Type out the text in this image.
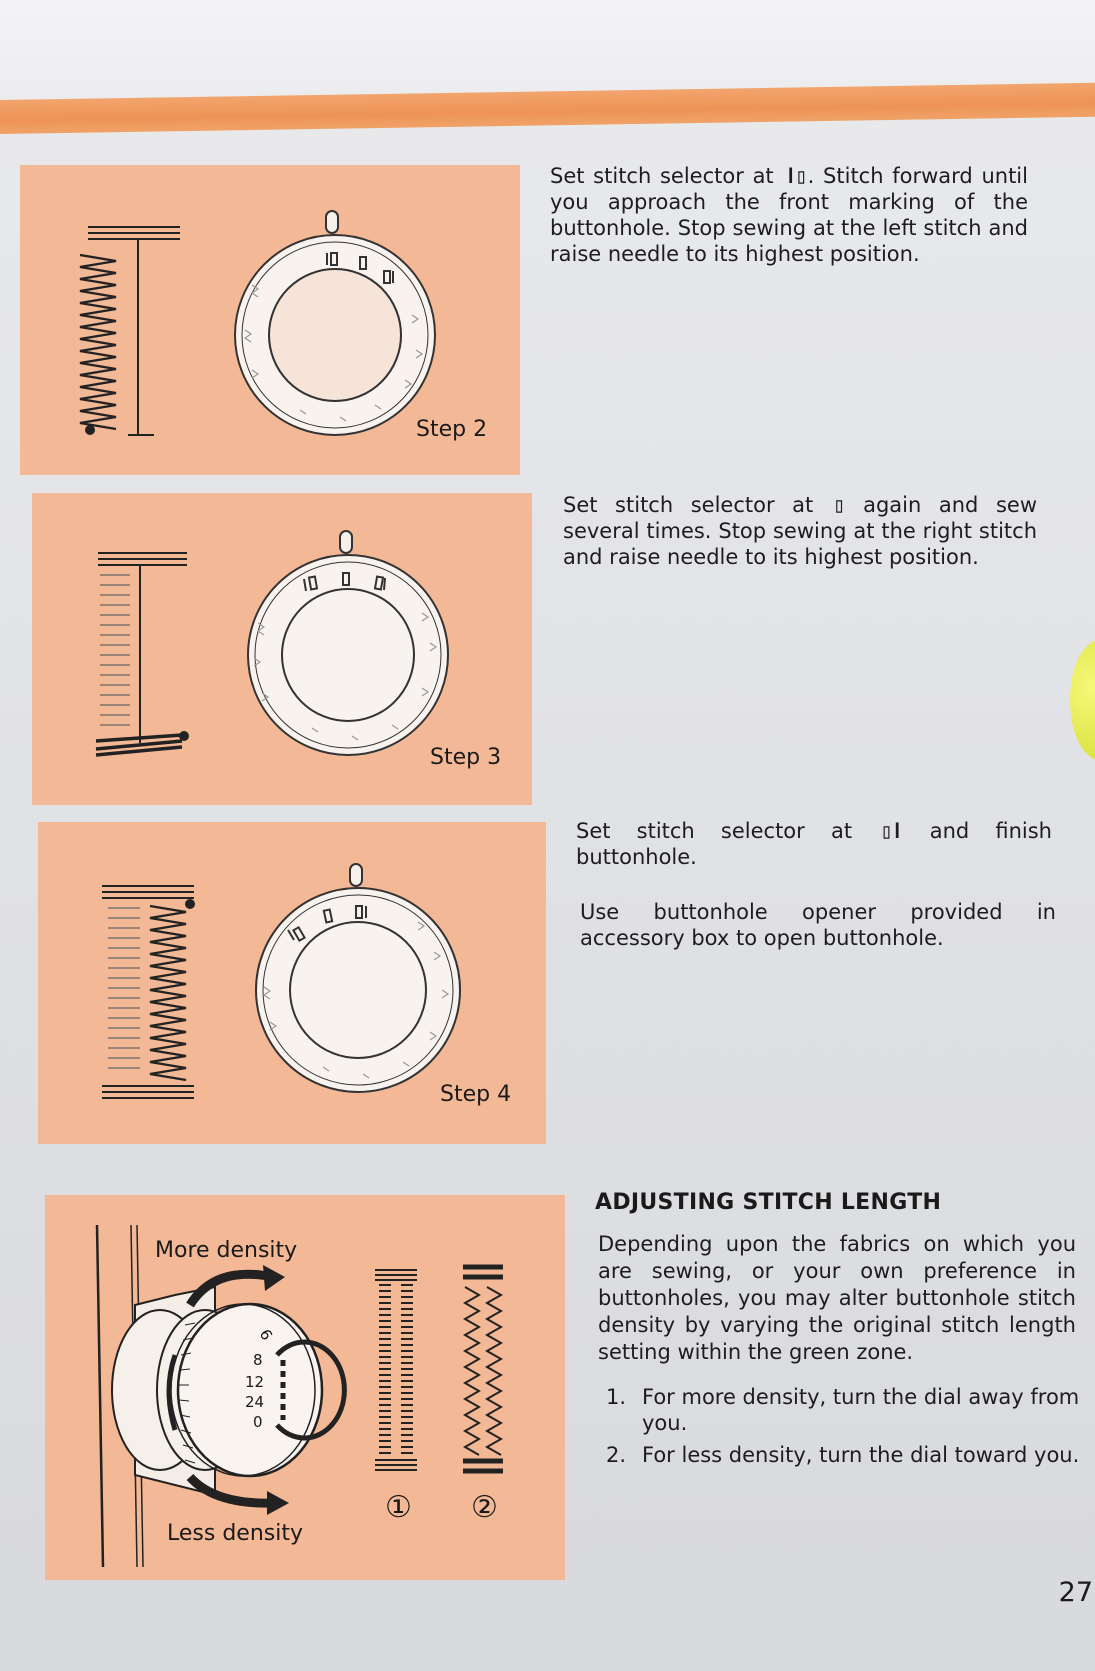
Step 2
Set stitch selector at ǀ▯. Stitch forward until you approach the front marking of the buttonhole. Stop sewing at the left stitch and raise needle to its highest position.
Step 3
Set stitch selector at ▯ again and sew several times. Stop sewing at the right stitch and raise needle to its highest position.
Step 4
Set stitch selector at ▯ǀ and finish buttonhole.
Use buttonhole opener provided in accessory box to open buttonhole.
More density
Less density
6
8
12
24
0
① ②
ADJUSTING STITCH LENGTH
Depending upon the fabrics on which you are sewing, or your own preference in buttonholes, you may alter buttonhole stitch density by varying the original stitch length setting within the green zone.
1. For more density, turn the dial away from you.
2. For less density, turn the dial toward you.
27
